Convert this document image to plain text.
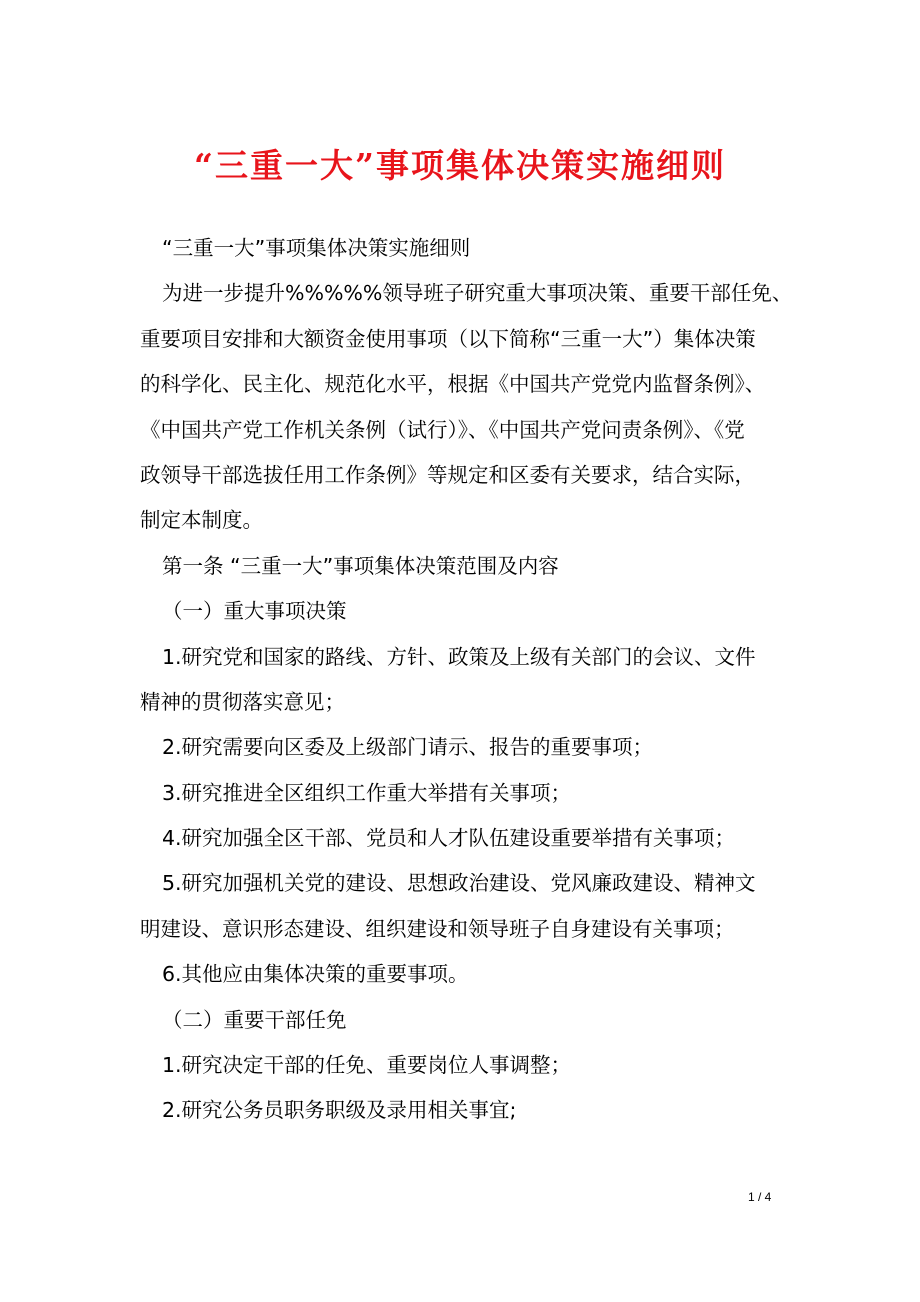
“三重一大”事项集体决策实施细则
“三重一大”事项集体决策实施细则
为进一步提升%%%%%领导班子研究重大事项决策、重要干部任免、
重要项目安排和大额资金使用事项（以下简称“三重一大”）集体决策
的科学化、民主化、规范化水平，根据《中国共产党党内监督条例》、
《中国共产党工作机关条例（试行）》、《中国共产党问责条例》、《党
政领导干部选拔任用工作条例》等规定和区委有关要求，结合实际，
制定本制度。
第一条 “三重一大”事项集体决策范围及内容
（一）重大事项决策
1.研究党和国家的路线、方针、政策及上级有关部门的会议、文件
精神的贯彻落实意见；
2.研究需要向区委及上级部门请示、报告的重要事项；
3.研究推进全区组织工作重大举措有关事项；
4.研究加强全区干部、党员和人才队伍建设重要举措有关事项；
5.研究加强机关党的建设、思想政治建设、党风廉政建设、精神文
明建设、意识形态建设、组织建设和领导班子自身建设有关事项；
6.其他应由集体决策的重要事项。
（二）重要干部任免
1.研究决定干部的任免、重要岗位人事调整；
2.研究公务员职务职级及录用相关事宜;
1 / 4
